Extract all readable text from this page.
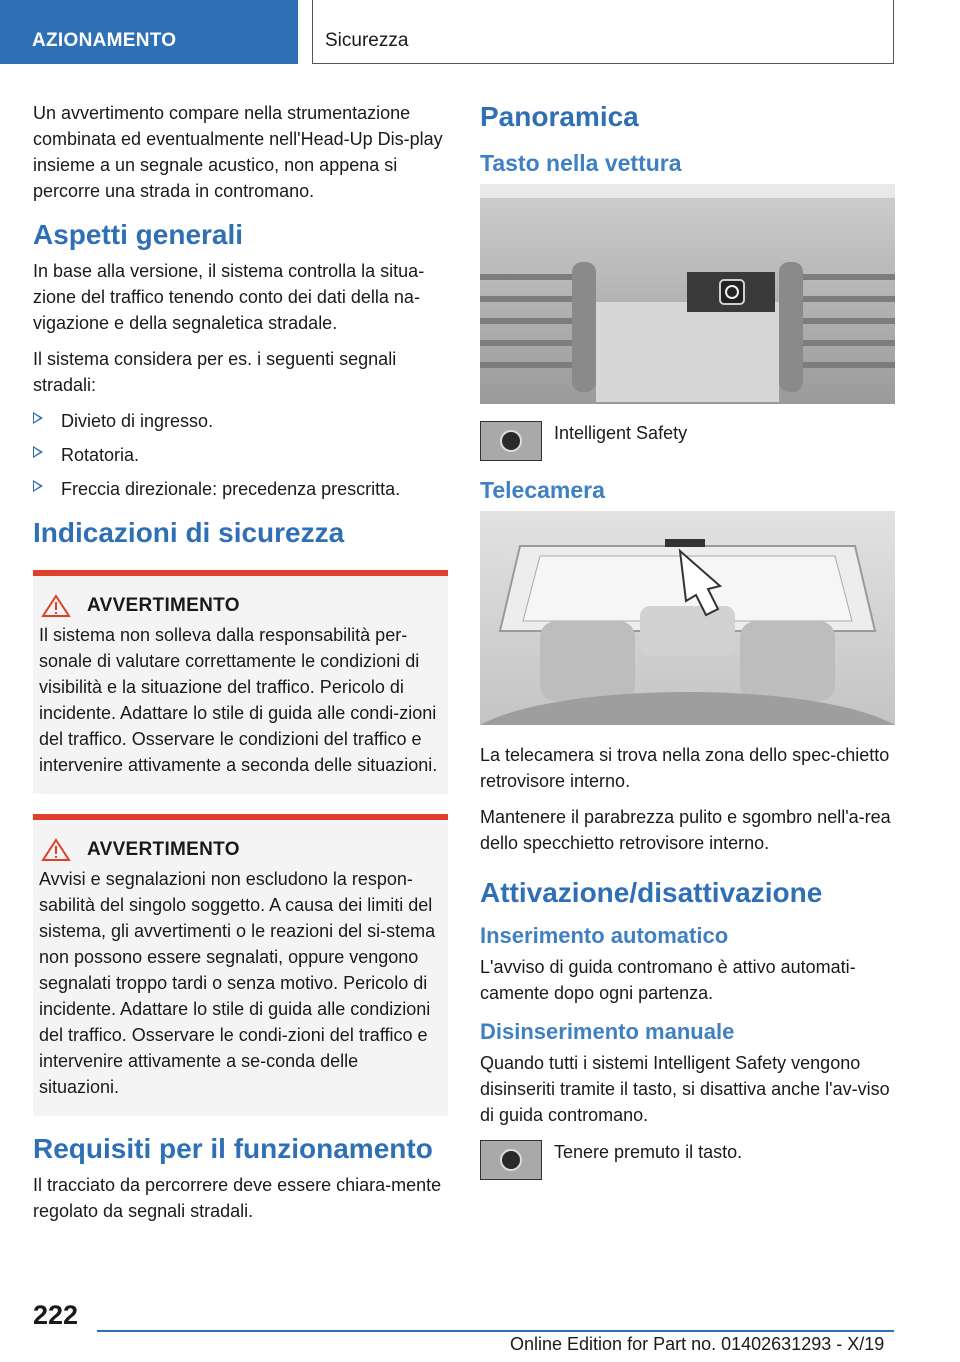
AZIONAMENTO	Sicurezza

Un avvertimento compare nella strumentazione combinata ed eventualmente nell'Head-Up Dis-play insieme a un segnale acustico, non appena si percorre una strada in contromano.

Aspetti generali

In base alla versione, il sistema controlla la situa-zione del traffico tenendo conto dei dati della na-vigazione e della segnaletica stradale.

Il sistema considera per es. i seguenti segnali stradali:

Divieto di ingresso.
Rotatoria.
Freccia direzionale: precedenza prescritta.
Indicazioni di sicurezza
AVVERTIMENTO

Il sistema non solleva dalla responsabilità per-sonale di valutare correttamente le condizioni di visibilità e la situazione del traffico. Pericolo di incidente. Adattare lo stile di guida alle condi-zioni del traffico. Osservare le condizioni del traffico e intervenire attivamente a seconda delle situazioni.

AVVERTIMENTO

Avvisi e segnalazioni non escludono la respon-sabilità del singolo soggetto. A causa dei limiti del sistema, gli avvertimenti o le reazioni del si-stema non possono essere segnalati, oppure vengono segnalati troppo tardi o senza motivo. Pericolo di incidente. Adattare lo stile di guida alle condizioni del traffico. Osservare le condi-zioni del traffico e intervenire attivamente a se-conda delle situazioni.

Requisiti per il funzionamento

Il tracciato da percorrere deve essere chiara-mente regolato da segnali stradali.

Panoramica
Tasto nella vettura
Intelligent Safety
Telecamera

La telecamera si trova nella zona dello spec-chietto retrovisore interno.

Mantenere il parabrezza pulito e sgombro nell'a-rea dello specchietto retrovisore interno.

Attivazione/disattivazione
Inserimento automatico

L'avviso di guida contromano è attivo automati-camente dopo ogni partenza.

Disinserimento manuale

Quando tutti i sistemi Intelligent Safety vengono disinseriti tramite il tasto, si disattiva anche l'av-viso di guida contromano.

Tenere premuto il tasto.
222
Online Edition for Part no. 01402631293 - X/19
